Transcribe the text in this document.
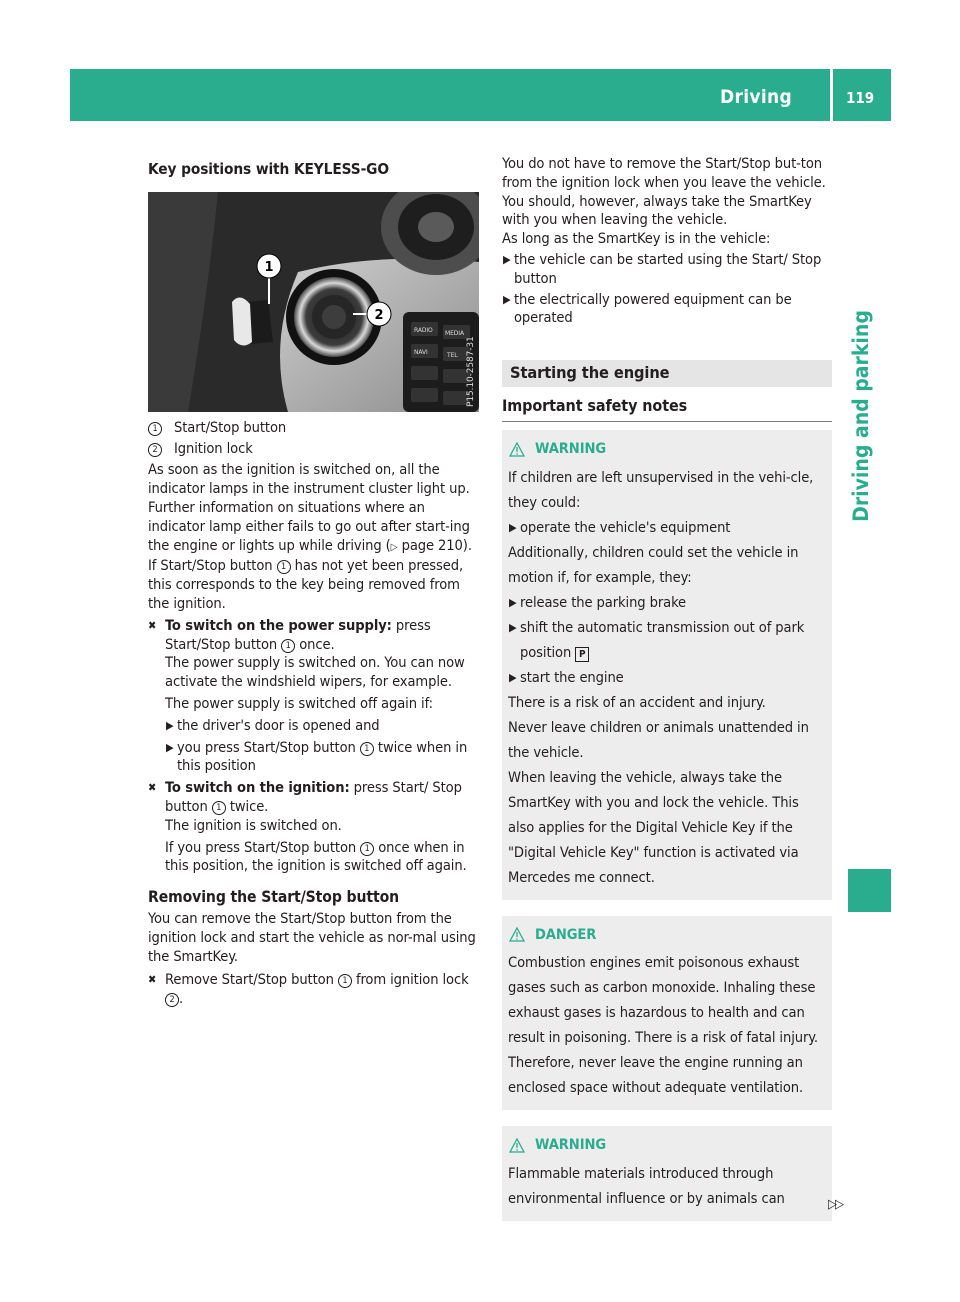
Driving	119
Driving and parking

Key positions with KEYLESS-GO

RADIO MEDIA
NAVI	TEL
1
2
P15.10-2587-31
1	Start/Stop button
2	Ignition lock

As soon as the ignition is switched on, all the indicator lamps in the instrument cluster light up. Further information on situations where an indicator lamp either fails to go out after start-ing the engine or lights up while driving (▷ page 210).

If Start/Stop button 1 has not yet been pressed, this corresponds to the key being removed from the ignition.

✖ To switch on the power supply: press Start/Stop button 1 once.

The power supply is switched on. You can now activate the windshield wipers, for example.

The power supply is switched off again if:

▶ the driver's door is opened and
▶ you press Start/Stop button 1 twice when in this position
✖ To switch on the ignition: press Start/ Stop button 1 twice.

The ignition is switched on.

If you press Start/Stop button 1 once when in this position, the ignition is switched off again.

Removing the Start/Stop button

You can remove the Start/Stop button from the ignition lock and start the vehicle as nor-mal using the SmartKey.

✖ Remove Start/Stop button 1 from ignition lock 2 .

You do not have to remove the Start/Stop but-ton from the ignition lock when you leave the vehicle. You should, however, always take the SmartKey with you when leaving the vehicle.

As long as the SmartKey is in the vehicle:

▶ the vehicle can be started using the Start/ Stop button
▶ the electrically powered equipment can be operated

Starting the engine

Important safety notes

WARNING

If children are left unsupervised in the vehi-cle, they could:

▶ operate the vehicle's equipment

Additionally, children could set the vehicle in motion if, for example, they:

▶ release the parking brake
▶ shift the automatic transmission out of park position P
▶ start the engine

There is a risk of an accident and injury.

Never leave children or animals unattended in the vehicle.

When leaving the vehicle, always take the SmartKey with you and lock the vehicle. This also applies for the Digital Vehicle Key if the "Digital Vehicle Key" function is activated via Mercedes me connect.

DANGER

Combustion engines emit poisonous exhaust gases such as carbon monoxide. Inhaling these exhaust gases is hazardous to health and can result in poisoning. There is a risk of fatal injury. Therefore, never leave the engine running an enclosed space without adequate ventilation.

WARNING

Flammable materials introduced through environmental influence or by animals can	▷▷
